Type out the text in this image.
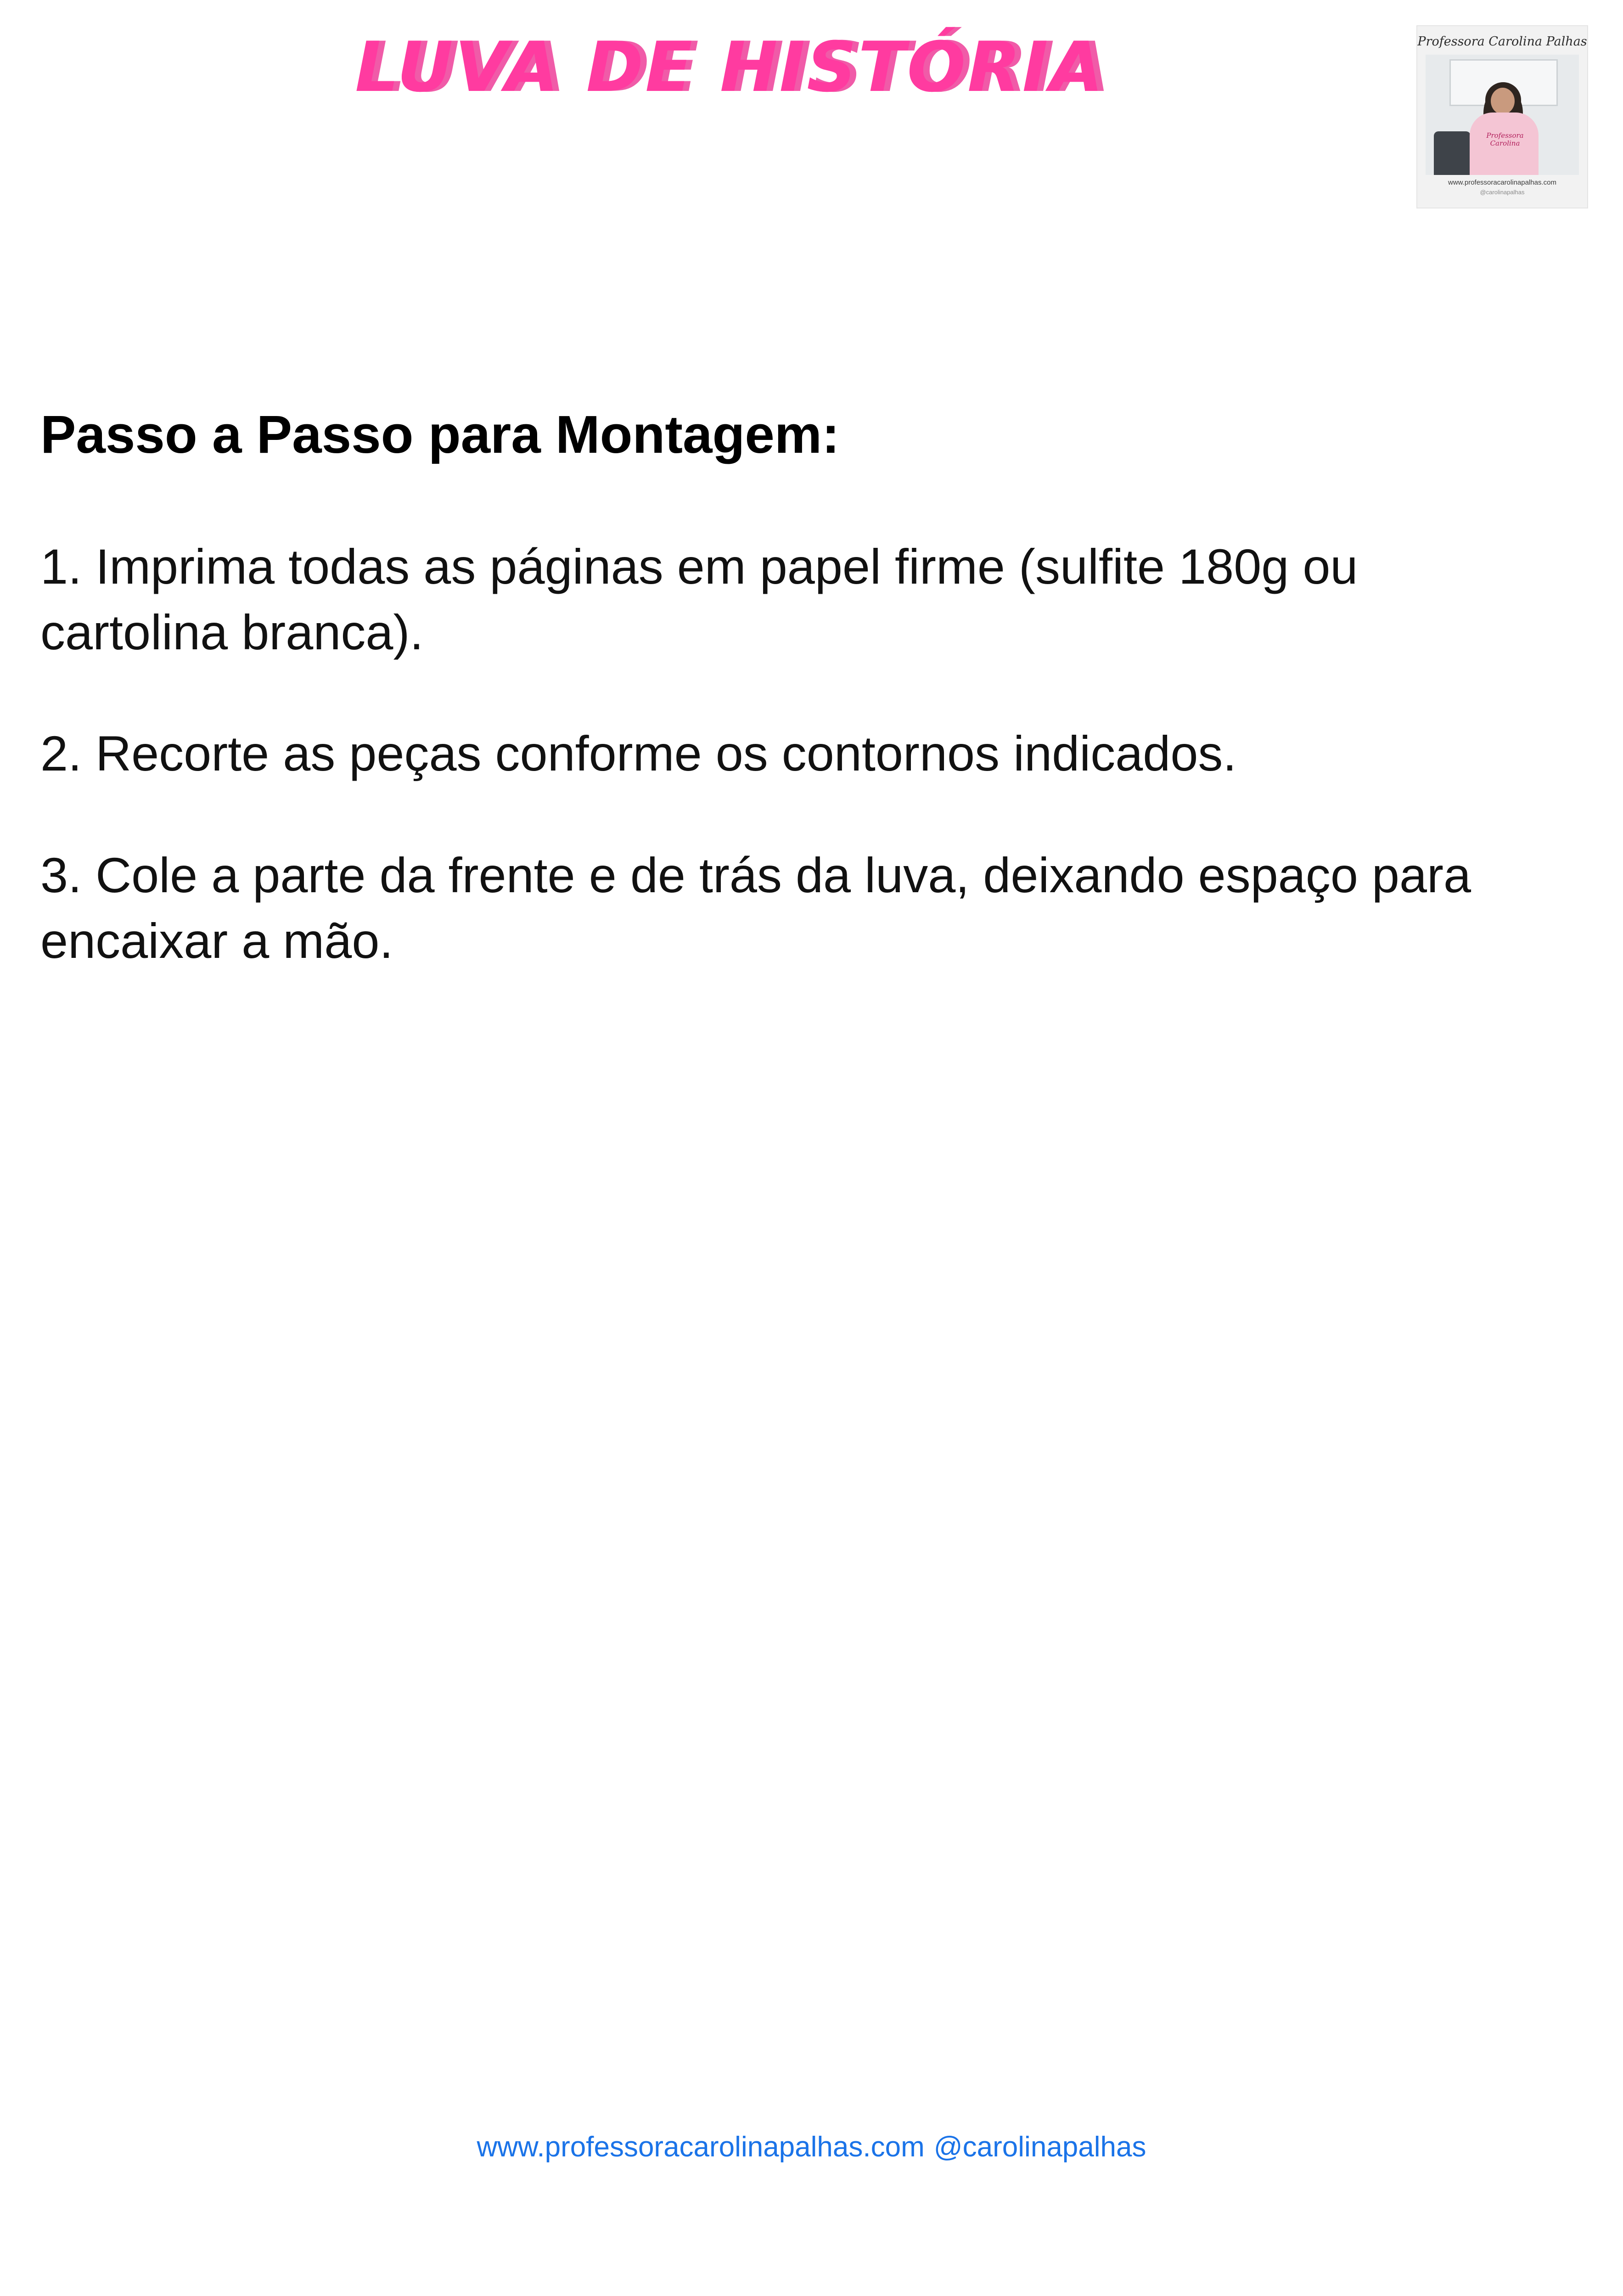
LUVA DE HISTÓRIA	Professora Carolina Palhas
Professora Carolina
www.professoracarolinapalhas.com
@carolinapalhas
Passo a Passo para Montagem:

1. Imprima todas as páginas em papel firme (sulfite 180g ou cartolina branca).

2. Recorte as peças conforme os contornos indicados.

3. Cole a parte da frente e de trás da luva, deixando espaço para encaixar a mão.

www.professoracarolinapalhas.com @carolinapalhas
